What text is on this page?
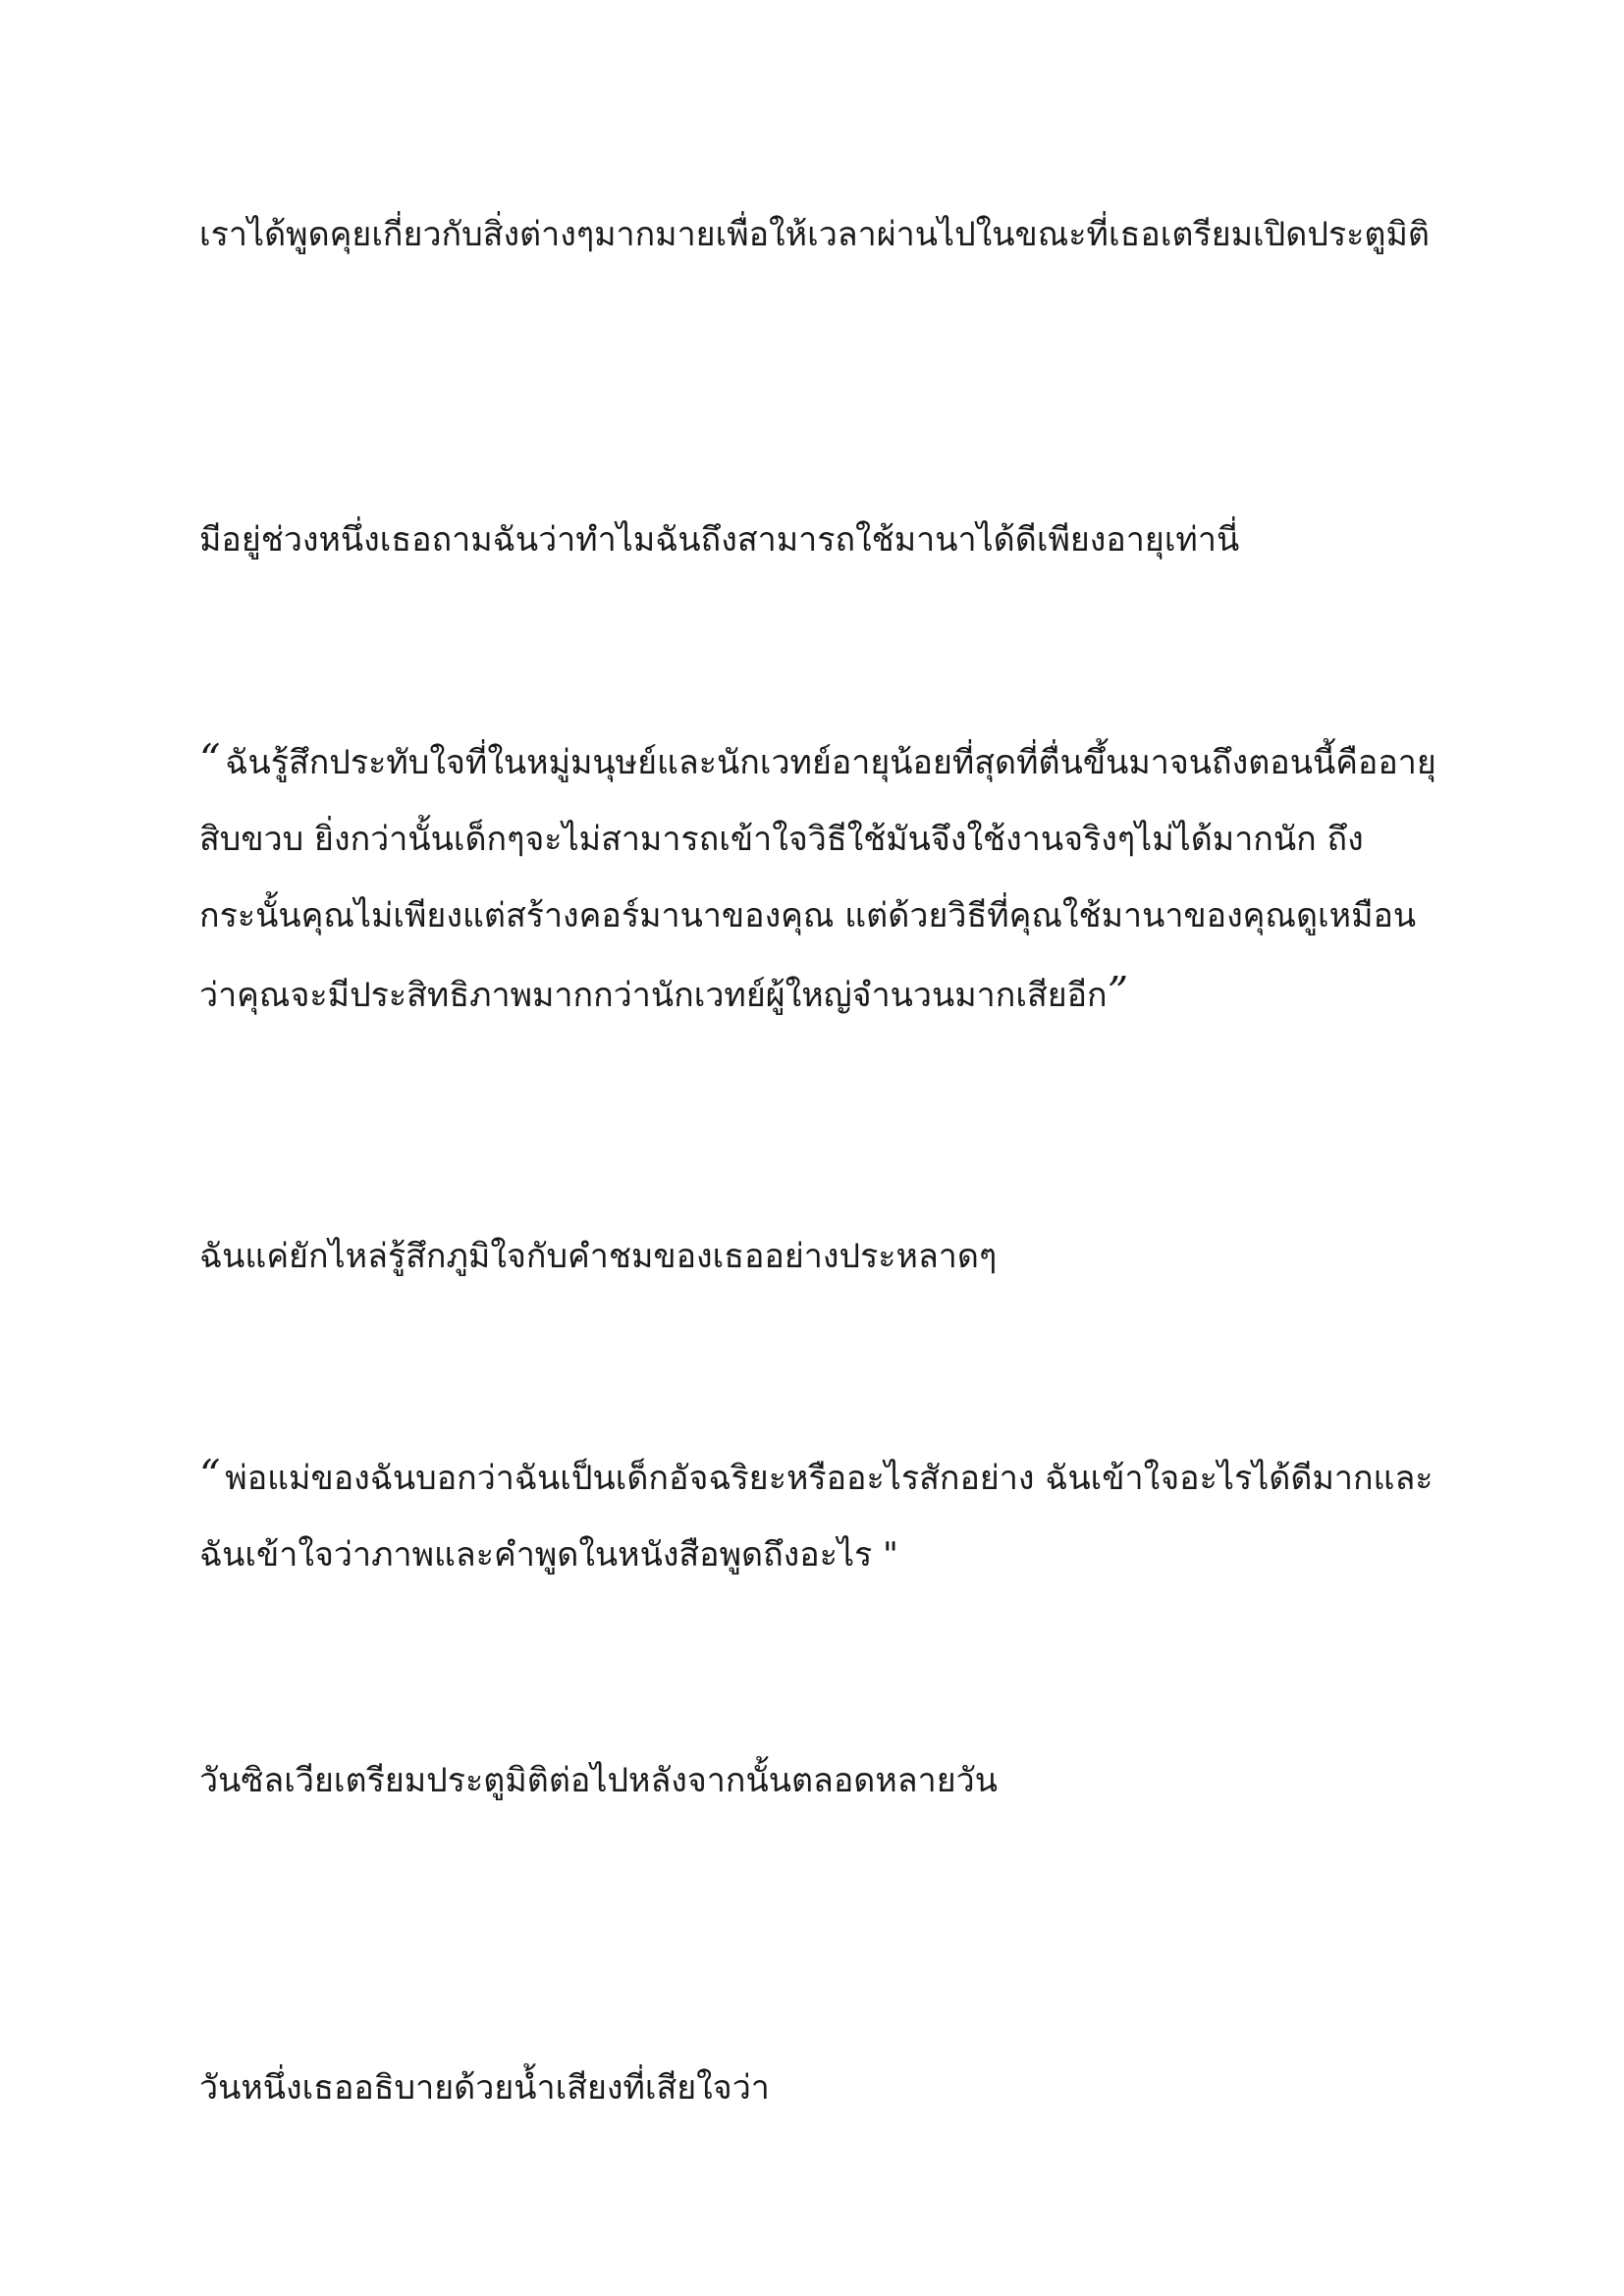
เราได้พูดคุยเกี่ยวกับสิ่งต่างๆมากมายเพื่อให้เวลาผ่านไปในขณะที่เธอเตรียมเปิดประตูมิติ

มีอยู่ช่วงหนึ่งเธอถามฉันว่าทำไมฉันถึงสามารถใช้มานาได้ดีเพียงอายุเท่านี่

“ ฉันรู้สึกประทับใจที่ในหมู่มนุษย์และนักเวทย์อายุน้อยที่สุดที่ตื่นขึ้นมาจนถึงตอนนี้คืออายุสิบขวบ ยิ่งกว่านั้นเด็กๆจะไม่สามารถเข้าใจวิธีใช้มันจึงใช้งานจริงๆไม่ได้มากนัก ถึงกระนั้นคุณไม่เพียงแต่สร้างคอร์มานาของคุณ แต่ด้วยวิธีที่คุณใช้มานาของคุณดูเหมือนว่าคุณจะมีประสิทธิภาพมากกว่านักเวทย์ผู้ใหญ่จำนวนมากเสียอีก”

ฉันแค่ยักไหล่รู้สึกภูมิใจกับคำชมของเธออย่างประหลาดๆ

“ พ่อแม่ของฉันบอกว่าฉันเป็นเด็กอัจฉริยะหรืออะไรสักอย่าง ฉันเข้าใจอะไรได้ดีมากและฉันเข้าใจว่าภาพและคำพูดในหนังสือพูดถึงอะไร "

วันซิลเวียเตรียมประตูมิติต่อไปหลังจากนั้นตลอดหลายวัน

วันหนึ่งเธออธิบายด้วยน้ำเสียงที่เสียใจว่า
